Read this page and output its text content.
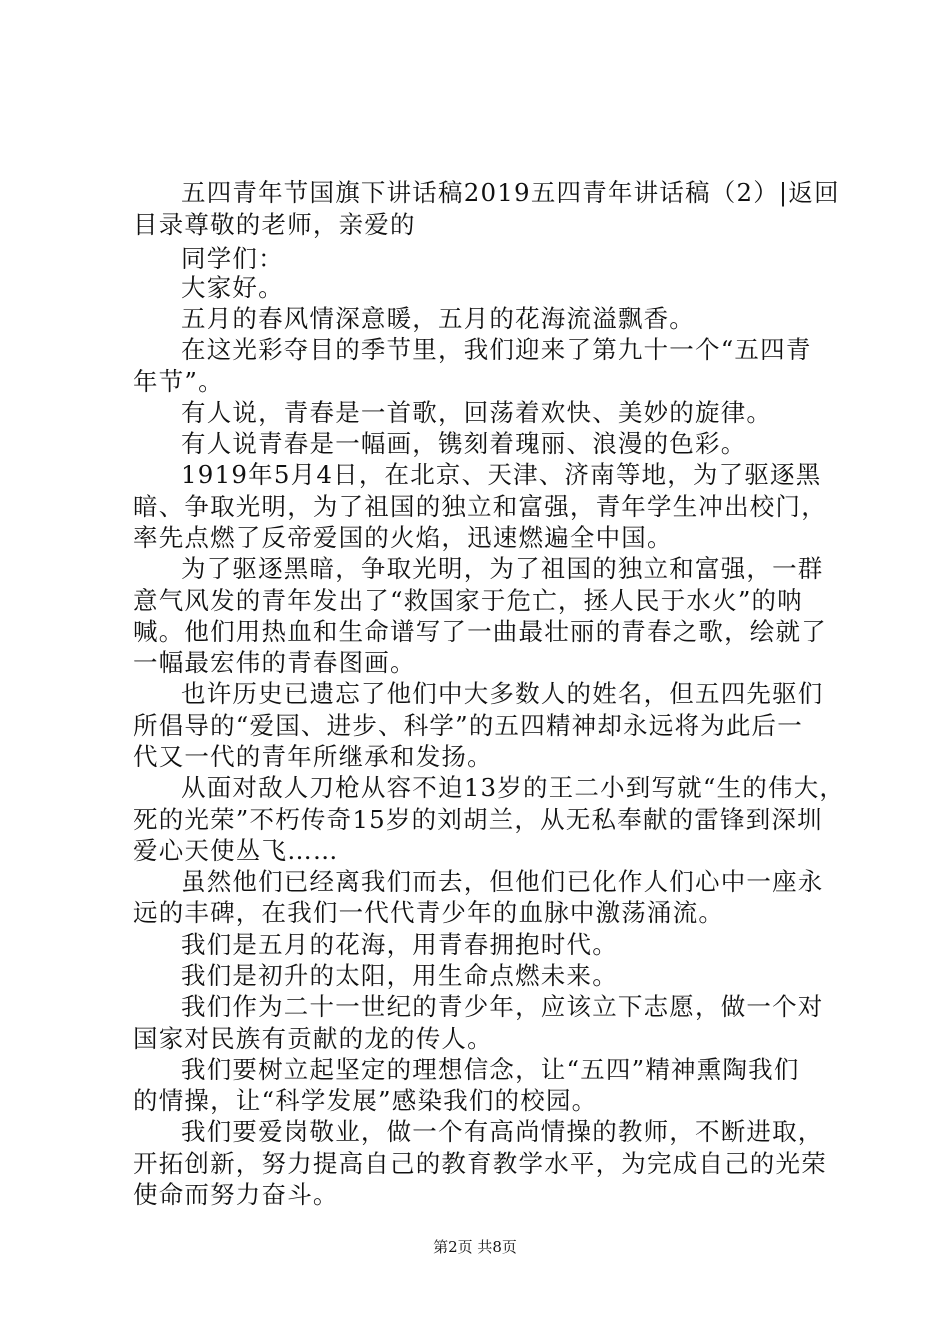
五四青年节国旗下讲话稿2019五四青年讲话稿（2）|返回
目录尊敬的老师，亲爱的
同学们：
大家好。
五月的春风情深意暖，五月的花海流溢飘香。
在这光彩夺目的季节里，我们迎来了第九十一个“五四青
年节”。
有人说，青春是一首歌，回荡着欢快、美妙的旋律。
有人说青春是一幅画，镌刻着瑰丽、浪漫的色彩。
1919年5月4日，在北京、天津、济南等地，为了驱逐黑
暗、争取光明，为了祖国的独立和富强，青年学生冲出校门，
率先点燃了反帝爱国的火焰，迅速燃遍全中国。
为了驱逐黑暗，争取光明，为了祖国的独立和富强，一群
意气风发的青年发出了“救国家于危亡，拯人民于水火”的呐
喊。他们用热血和生命谱写了一曲最壮丽的青春之歌，绘就了
一幅最宏伟的青春图画。
也许历史已遗忘了他们中大多数人的姓名，但五四先驱们
所倡导的“爱国、进步、科学”的五四精神却永远将为此后一
代又一代的青年所继承和发扬。
从面对敌人刀枪从容不迫13岁的王二小到写就“生的伟大，
死的光荣”不朽传奇15岁的刘胡兰，从无私奉献的雷锋到深圳
爱心天使丛飞……
虽然他们已经离我们而去，但他们已化作人们心中一座永
远的丰碑，在我们一代代青少年的血脉中激荡涌流。
我们是五月的花海，用青春拥抱时代。
我们是初升的太阳，用生命点燃未来。
我们作为二十一世纪的青少年，应该立下志愿，做一个对
国家对民族有贡献的龙的传人。
我们要树立起坚定的理想信念，让“五四”精神熏陶我们
的情操，让“科学发展”感染我们的校园。
我们要爱岗敬业，做一个有高尚情操的教师，不断进取，
开拓创新，努力提高自己的教育教学水平，为完成自己的光荣
使命而努力奋斗。
第2页 共8页
